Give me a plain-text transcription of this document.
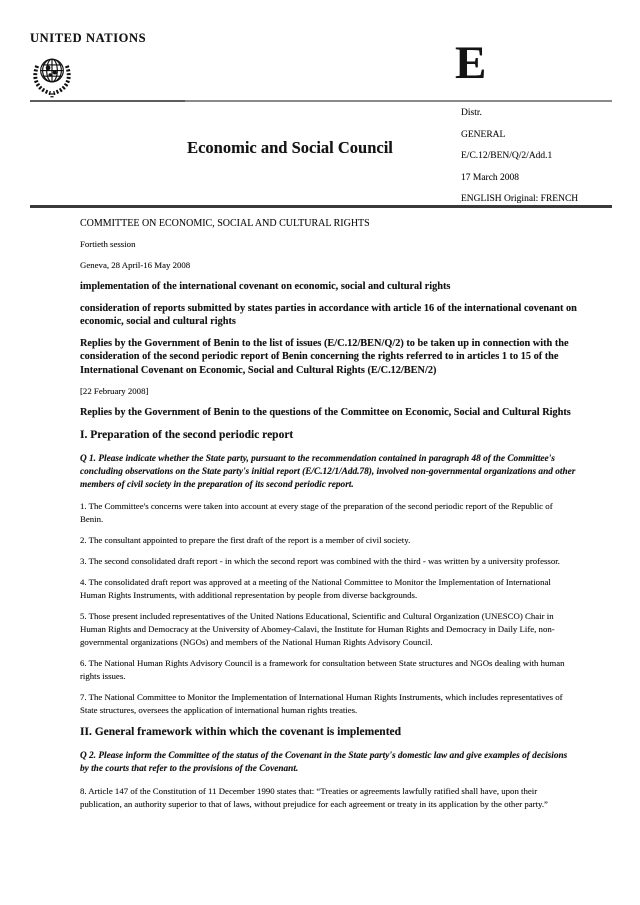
UNITED NATIONS	E
Economic and Social Council
Distr.
GENERAL
E/C.12/BEN/Q/2/Add.1
17 March 2008
ENGLISH Original: FRENCH
COMMITTEE ON ECONOMIC, SOCIAL AND CULTURAL RIGHTS
Fortieth session
Geneva, 28 April-16 May 2008
implementation of the international covenant on economic, social and cultural rights
consideration of reports submitted by states parties in accordance with article 16 of the international covenant on economic, social and cultural rights
Replies by the Government of Benin to the list of issues (E/C.12/BEN/Q/2) to be taken up in connection with the consideration of the second periodic report of Benin concerning the rights referred to in articles 1 to 15 of the International Covenant on Economic, Social and Cultural Rights (E/C.12/BEN/2)
[22 February 2008]
Replies by the Government of Benin to the questions of the Committee on Economic, Social and Cultural Rights
I. Preparation of the second periodic report
Q 1. Please indicate whether the State party, pursuant to the recommendation contained in paragraph 48 of the Committee's concluding observations on the State party's initial report (E/C.12/1/Add.78), involved non-governmental organizations and other members of civil society in the preparation of its second periodic report.
1. The Committee's concerns were taken into account at every stage of the preparation of the second periodic report of the Republic of Benin.
2. The consultant appointed to prepare the first draft of the report is a member of civil society.
3. The second consolidated draft report - in which the second report was combined with the third - was written by a university professor.
4. The consolidated draft report was approved at a meeting of the National Committee to Monitor the Implementation of International Human Rights Instruments, with additional representation by people from diverse backgrounds.
5. Those present included representatives of the United Nations Educational, Scientific and Cultural Organization (UNESCO) Chair in Human Rights and Democracy at the University of Abomey-Calavi, the Institute for Human Rights and Democracy in Daily Life, non-governmental organizations (NGOs) and members of the National Human Rights Advisory Council.
6. The National Human Rights Advisory Council is a framework for consultation between State structures and NGOs dealing with human rights issues.
7. The National Committee to Monitor the Implementation of International Human Rights Instruments, which includes representatives of State structures, oversees the application of international human rights treaties.
II. General framework within which the covenant is implemented
Q 2. Please inform the Committee of the status of the Covenant in the State party's domestic law and give examples of decisions by the courts that refer to the provisions of the Covenant.
8. Article 147 of the Constitution of 11 December 1990 states that: “Treaties or agreements lawfully ratified shall have, upon their publication, an authority superior to that of laws, without prejudice for each agreement or treaty in its application by the other party.”
